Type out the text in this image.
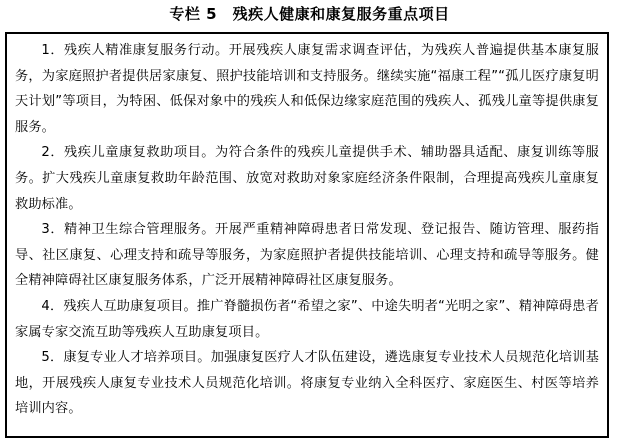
专栏 5　残疾人健康和康复服务重点项目

1．残疾人精准康复服务行动。开展残疾人康复需求调查评估，为残疾人普遍提供基本康复服务，为家庭照护者提供居家康复、照护技能培训和支持服务。继续实施“福康工程”“孤儿医疗康复明天计划”等项目，为特困、低保对象中的残疾人和低保边缘家庭范围的残疾人、孤残儿童等提供康复服务。

2．残疾儿童康复救助项目。为符合条件的残疾儿童提供手术、辅助器具适配、康复训练等服务。扩大残疾儿童康复救助年龄范围、放宽对救助对象家庭经济条件限制，合理提高残疾儿童康复救助标准。

3．精神卫生综合管理服务。开展严重精神障碍患者日常发现、登记报告、随访管理、服药指导、社区康复、心理支持和疏导等服务，为家庭照护者提供技能培训、心理支持和疏导等服务。健全精神障碍社区康复服务体系，广泛开展精神障碍社区康复服务。

4．残疾人互助康复项目。推广脊髓损伤者“希望之家”、中途失明者“光明之家”、精神障碍患者家属专家交流互助等残疾人互助康复项目。

5．康复专业人才培养项目。加强康复医疗人才队伍建设，遴选康复专业技术人员规范化培训基地，开展残疾人康复专业技术人员规范化培训。将康复专业纳入全科医疗、家庭医生、村医等培养培训内容。
